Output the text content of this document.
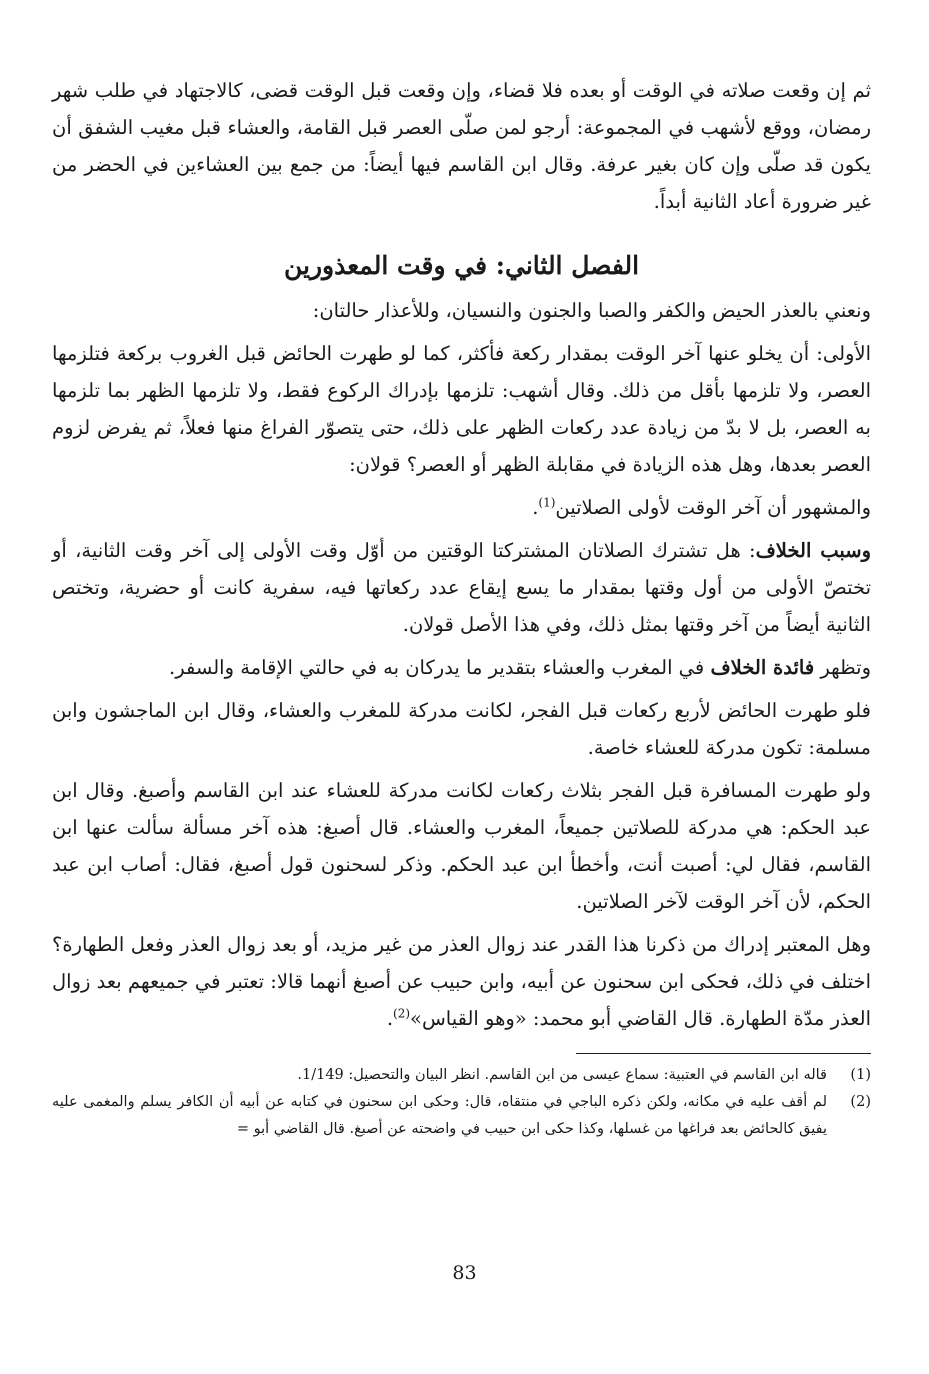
ثم إن وقعت صلاته في الوقت أو بعده فلا قضاء، وإن وقعت قبل الوقت قضى، كالاجتهاد في طلب شهر رمضان، ووقع لأشهب في المجموعة: أرجو لمن صلّى العصر قبل القامة، والعشاء قبل مغيب الشفق أن يكون قد صلّى وإن كان بغير عرفة. وقال ابن القاسم فيها أيضاً: من جمع بين العشاءين في الحضر من غير ضرورة أعاد الثانية أبداً.

الفصل الثاني: في وقت المعذورين

ونعني بالعذر الحيض والكفر والصبا والجنون والنسيان، وللأعذار حالتان:

الأولى: أن يخلو عنها آخر الوقت بمقدار ركعة فأكثر، كما لو طهرت الحائض قبل الغروب بركعة فتلزمها العصر، ولا تلزمها بأقل من ذلك. وقال أشهب: تلزمها بإدراك الركوع فقط، ولا تلزمها الظهر بما تلزمها به العصر، بل لا بدّ من زيادة عدد ركعات الظهر على ذلك، حتى يتصوّر الفراغ منها فعلاً، ثم يفرض لزوم العصر بعدها، وهل هذه الزيادة في مقابلة الظهر أو العصر؟ قولان:

والمشهور أن آخر الوقت لأولى الصلاتين$^{(1)}$.

وسبب الخلاف: هل تشترك الصلاتان المشتركتا الوقتين من أوّل وقت الأولى إلى آخر وقت الثانية، أو تختصّ الأولى من أول وقتها بمقدار ما يسع إيقاع عدد ركعاتها فيه، سفرية كانت أو حضرية، وتختص الثانية أيضاً من آخر وقتها بمثل ذلك، وفي هذا الأصل قولان.

وتظهر فائدة الخلاف في المغرب والعشاء بتقدير ما يدركان به في حالتي الإقامة والسفر.

فلو طهرت الحائض لأربع ركعات قبل الفجر، لكانت مدركة للمغرب والعشاء، وقال ابن الماجشون وابن مسلمة: تكون مدركة للعشاء خاصة.

ولو طهرت المسافرة قبل الفجر بثلاث ركعات لكانت مدركة للعشاء عند ابن القاسم وأصبغ. وقال ابن عبد الحكم: هي مدركة للصلاتين جميعاً، المغرب والعشاء. قال أصبغ: هذه آخر مسألة سألت عنها ابن القاسم، فقال لي: أصبت أنت، وأخطأ ابن عبد الحكم. وذكر لسحنون قول أصبغ، فقال: أصاب ابن عبد الحكم، لأن آخر الوقت لآخر الصلاتين.

وهل المعتبر إدراك من ذكرنا هذا القدر عند زوال العذر من غير مزيد، أو بعد زوال العذر وفعل الطهارة؟ اختلف في ذلك، فحكى ابن سحنون عن أبيه، وابن حبيب عن أصبغ أنهما قالا: تعتبر في جميعهم بعد زوال العذر مدّة الطهارة. قال القاضي أبو محمد: «وهو القياس»$^{(2)}$.

(1)
قاله ابن القاسم في العتبية: سماع عيسى من ابن القاسم. انظر البيان والتحصيل: 1/149.
(2)
لم أقف عليه في مكانه، ولكن ذكره الباجي في منتقاه، قال: وحكى ابن سحنون في كتابه عن أبيه أن الكافر يسلم والمغمى عليه يفيق كالحائض بعد فراغها من غسلها، وكذا حكى ابن حبيب في واضحته عن أصبغ. قال القاضي أبو =
83
